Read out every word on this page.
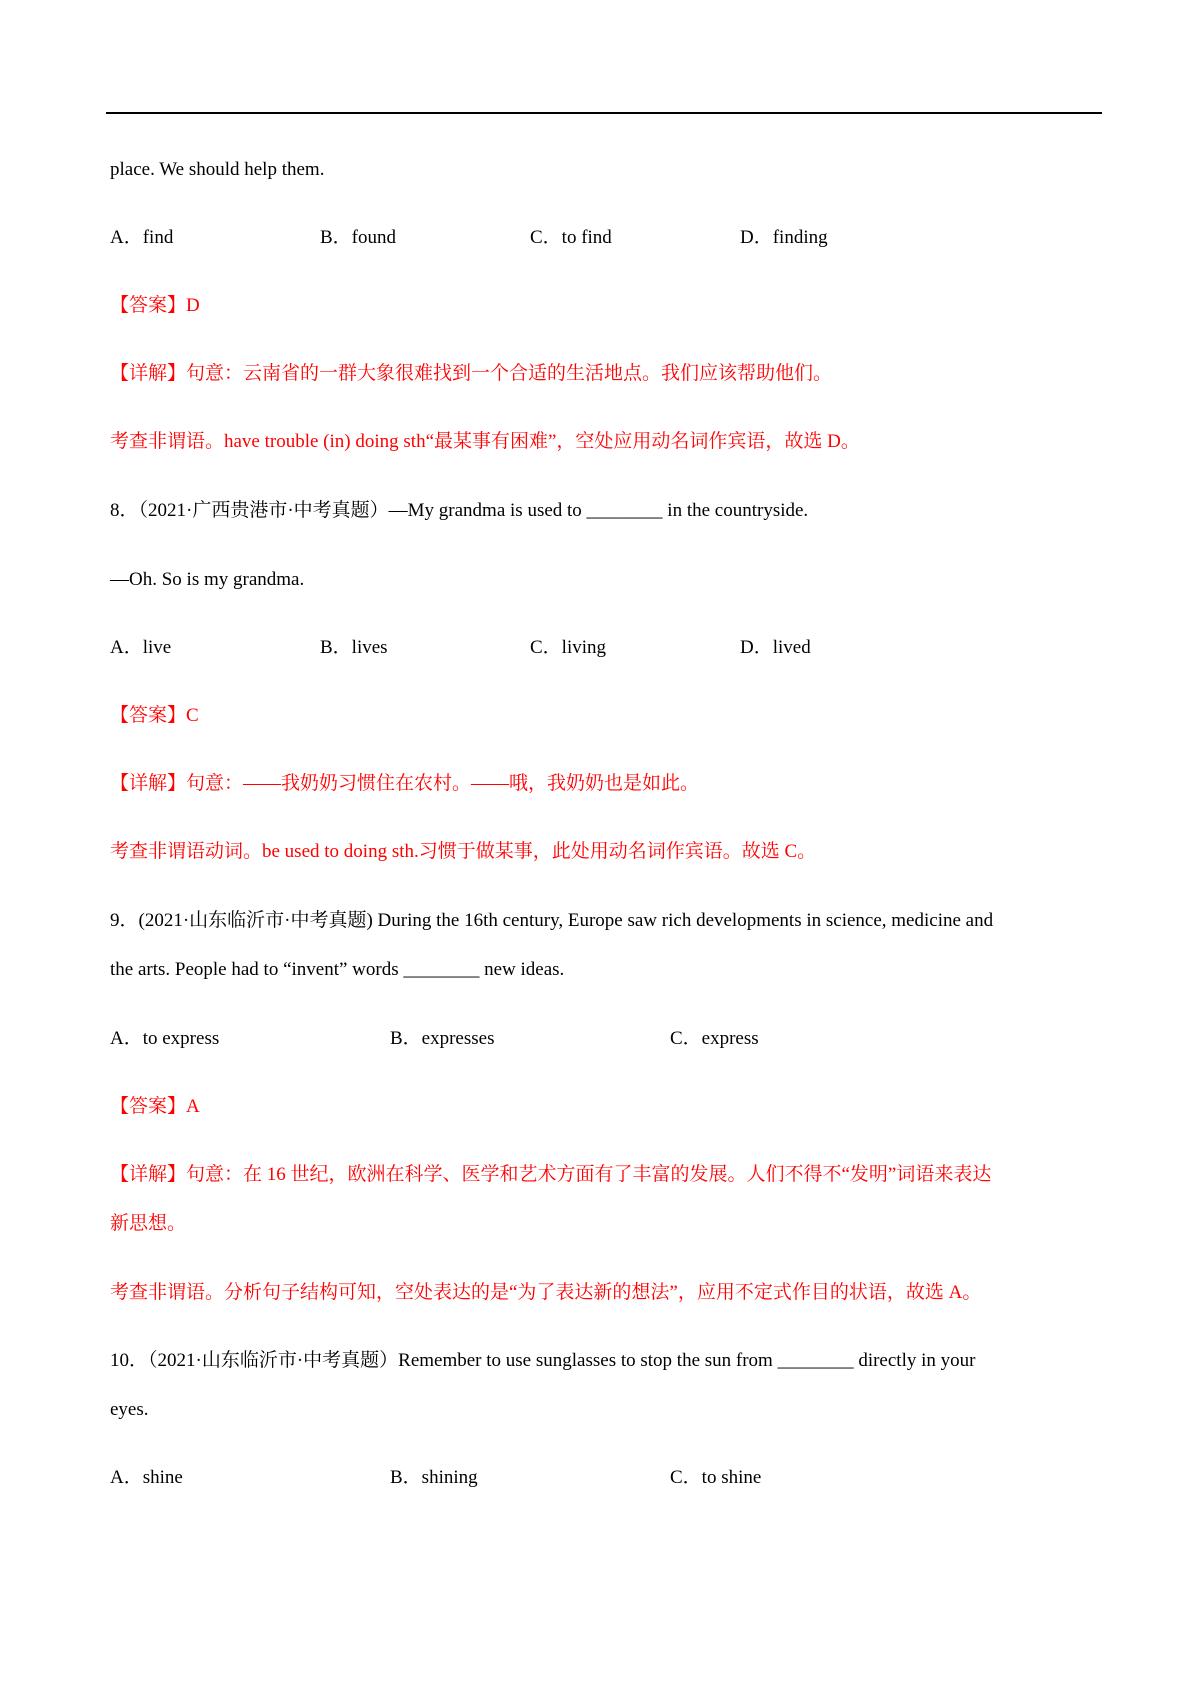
place. We should help them.
A．find	B．found	C．to find	D．finding
【答案】D
【详解】句意：云南省的一群大象很难找到一个合适的生活地点。我们应该帮助他们。
考查非谓语。have trouble (in) doing sth“最某事有困难”，空处应用动名词作宾语，故选 D。
8．（2021·广西贵港市·中考真题）—My grandma is used to ________ in the countryside.
—Oh. So is my grandma.
A．live	B．lives	C．living	D．lived
【答案】C
【详解】句意：——我奶奶习惯住在农村。——哦，我奶奶也是如此。
考查非谓语动词。be used to doing sth.习惯于做某事，此处用动名词作宾语。故选 C。
9．(2021·山东临沂市·中考真题) During the 16th century, Europe saw rich developments in science, medicine and
the arts. People had to “invent” words ________ new ideas.
A．to express	B．expresses	C．express
【答案】A
【详解】句意：在 16 世纪，欧洲在科学、医学和艺术方面有了丰富的发展。人们不得不“发明”词语来表达
新思想。
考查非谓语。分析句子结构可知，空处表达的是“为了表达新的想法”，应用不定式作目的状语，故选 A。
10．（2021·山东临沂市·中考真题）Remember to use sunglasses to stop the sun from ________ directly in your
eyes.
A．shine	B．shining	C．to shine
